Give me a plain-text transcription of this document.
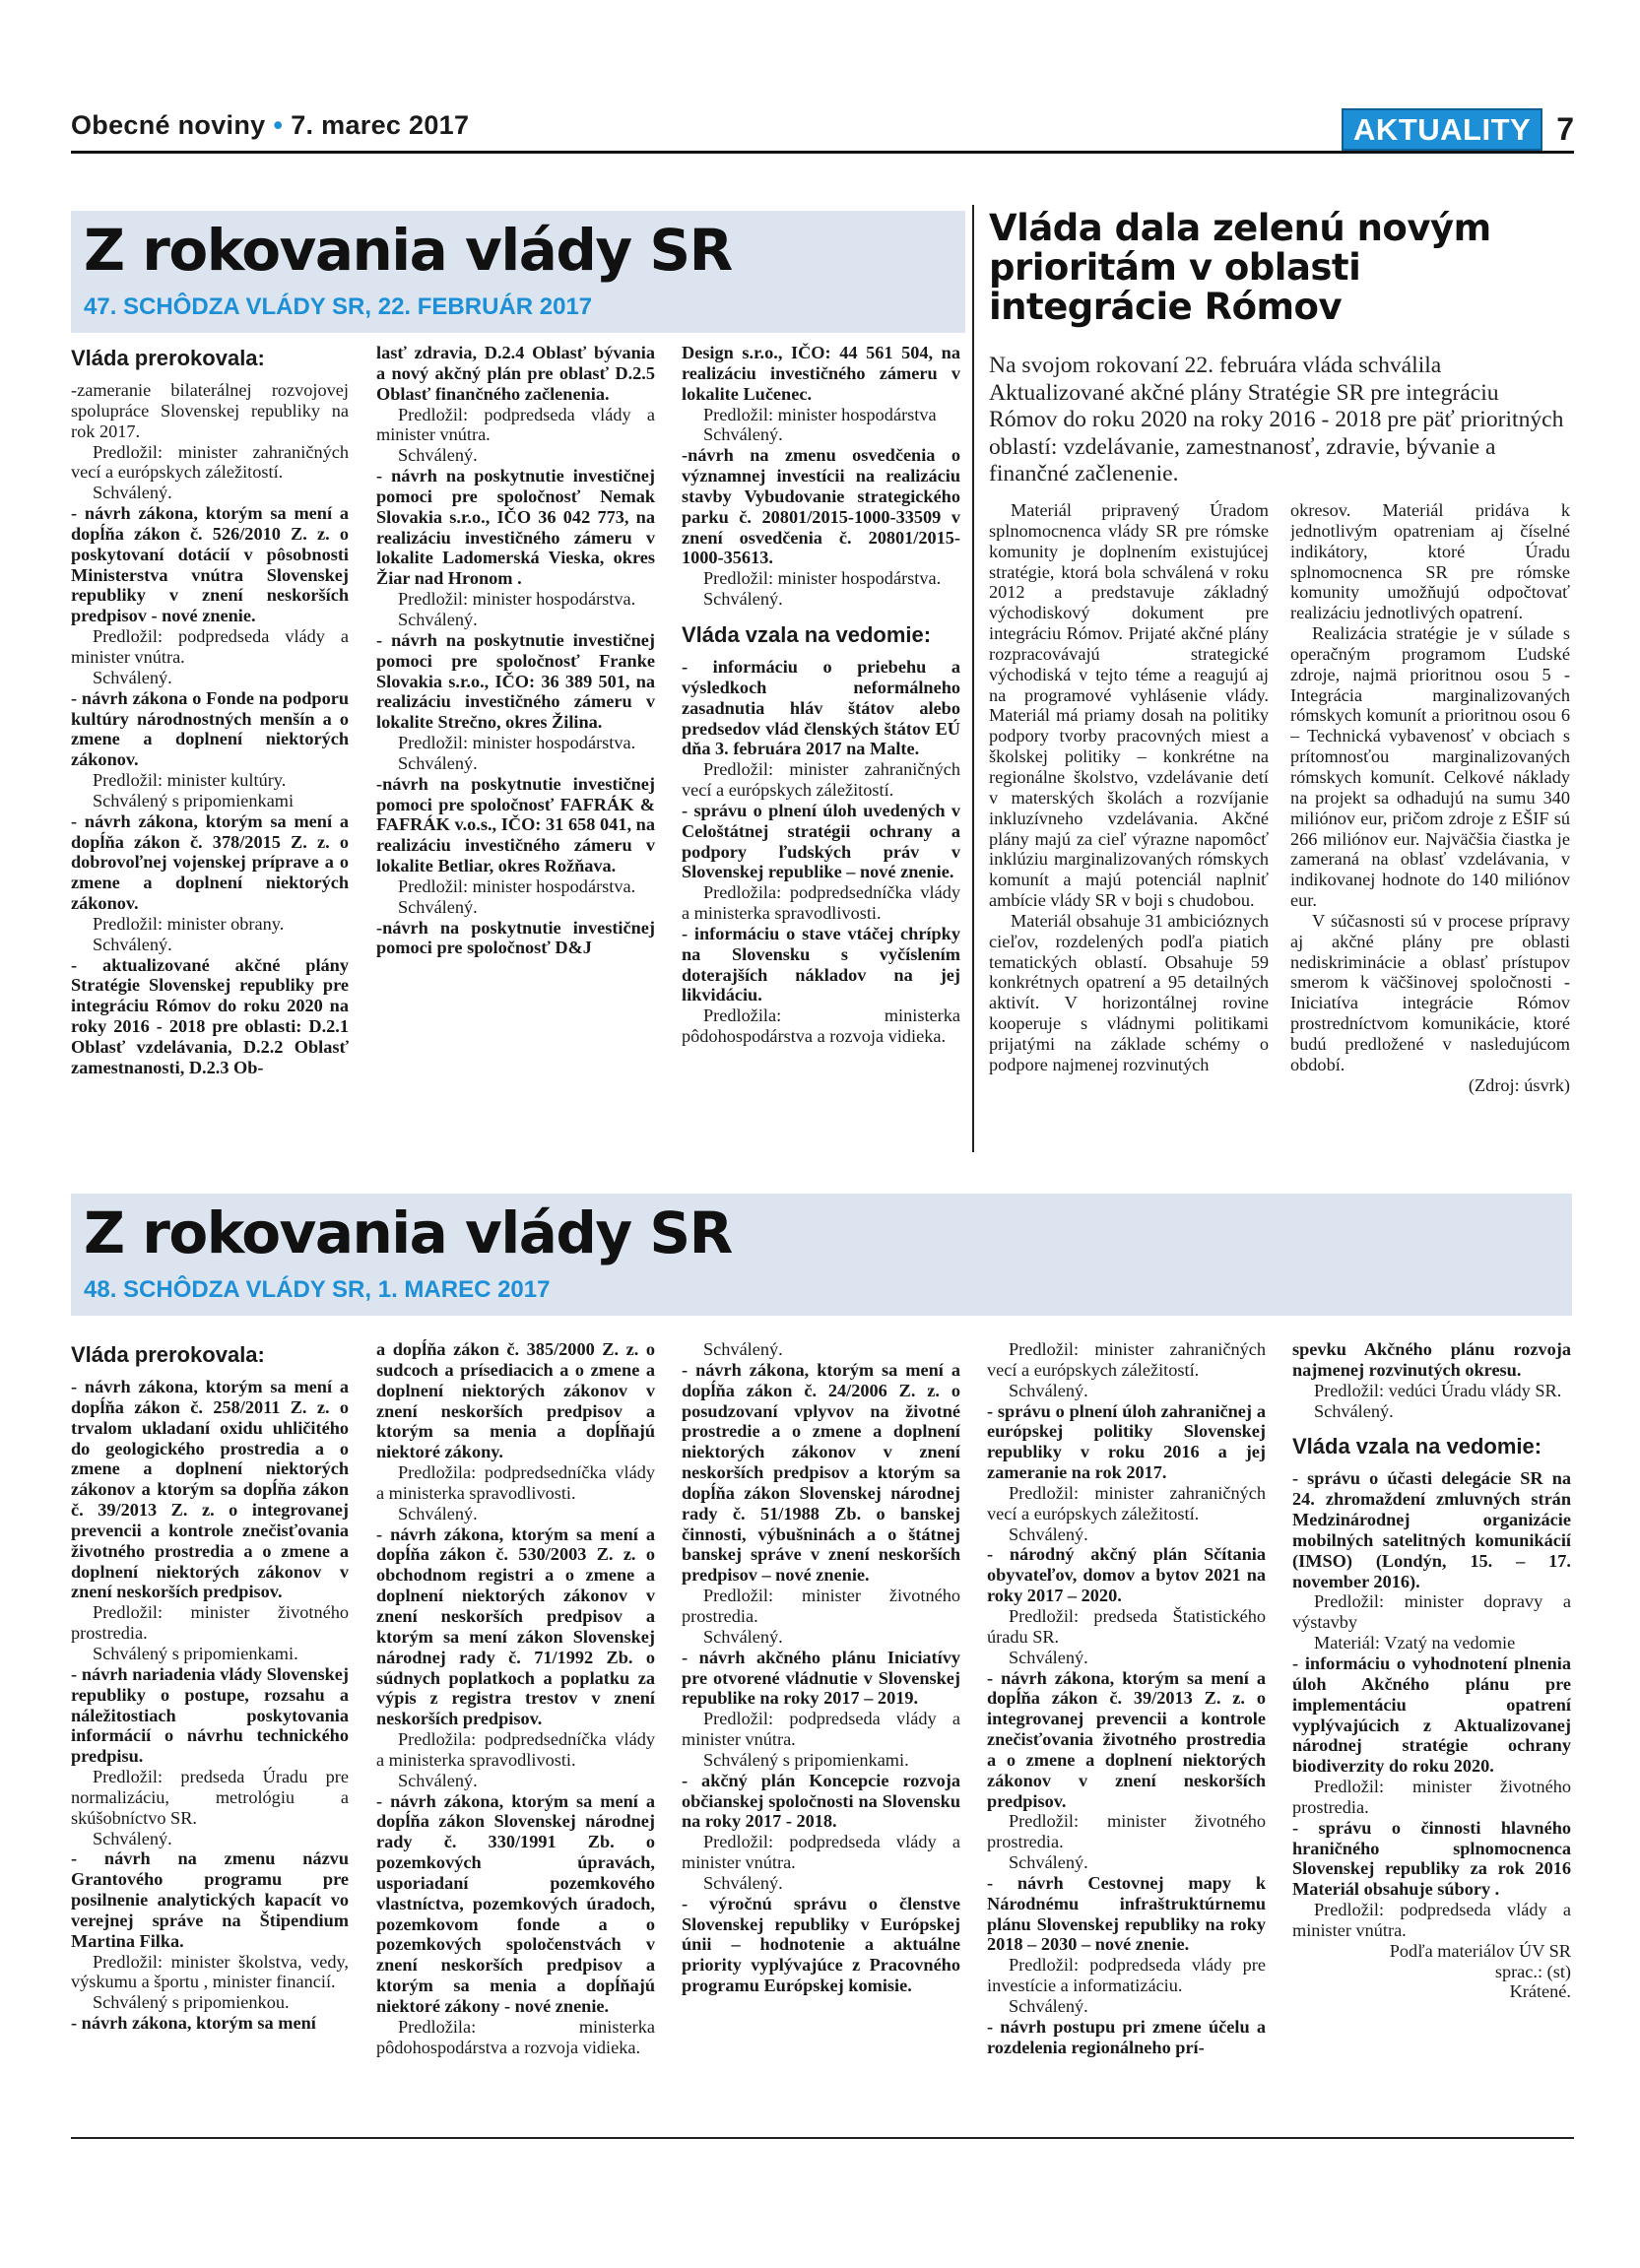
Obecné noviny • 7. marec 2017	AKTUALITY 7
Z rokovania vlády SR
47. SCHÔDZA VLÁDY SR, 22. FEBRUÁR 2017
Vláda prerokovala:

-zameranie bilaterálnej rozvojovej spolupráce Slovenskej republiky na rok 2017.

Predložil: minister zahraničných vecí a európskych záležitostí.

Schválený.

- návrh zákona, ktorým sa mení a dopĺňa zákon č. 526/2010 Z. z. o poskytovaní dotácií v pôsobnosti Ministerstva vnútra Slovenskej republiky v znení neskorších predpisov - nové znenie.

Predložil: podpredseda vlády a minister vnútra.

Schválený.

- návrh zákona o Fonde na podporu kultúry národnostných menšín a o zmene a doplnení niektorých zákonov.

Predložil: minister kultúry.

Schválený s pripomienkami

- návrh zákona, ktorým sa mení a dopĺňa zákon č. 378/2015 Z. z. o dobrovoľnej vojenskej príprave a o zmene a doplnení niektorých zákonov.

Predložil: minister obrany.

Schválený.

- aktualizované akčné plány Stratégie Slovenskej republiky pre integráciu Rómov do roku 2020 na roky 2016 - 2018 pre oblasti: D.2.1 Oblasť vzdelávania, D.2.2 Oblasť zamestnanosti, D.2.3 Ob-

lasť zdravia, D.2.4 Oblasť bývania a nový akčný plán pre oblasť D.2.5 Oblasť finančného začlenenia.

Predložil: podpredseda vlády a minister vnútra.

Schválený.

- návrh na poskytnutie investičnej pomoci pre spoločnosť Nemak Slovakia s.r.o., IČO 36 042 773, na realizáciu investičného zámeru v lokalite Ladomerská Vieska, okres Žiar nad Hronom .

Predložil: minister hospodárstva.

Schválený.

- návrh na poskytnutie investičnej pomoci pre spoločnosť Franke Slovakia s.r.o., IČO: 36 389 501, na realizáciu investičného zámeru v lokalite Strečno, okres Žilina.

Predložil: minister hospodárstva.

Schválený.

-návrh na poskytnutie investičnej pomoci pre spoločnosť FAFRÁK & FAFRÁK v.o.s., IČO: 31 658 041, na realizáciu investičného zámeru v lokalite Betliar, okres Rožňava.

Predložil: minister hospodárstva.

Schválený.

-návrh na poskytnutie investičnej pomoci pre spoločnosť D&J

Design s.r.o., IČO: 44 561 504, na realizáciu investičného zámeru v lokalite Lučenec.

Predložil: minister hospodárstva

Schválený.

-návrh na zmenu osvedčenia o významnej investícii na realizáciu stavby Vybudovanie strategického parku č. 20801/2015-1000-33509 v znení osvedčenia č. 20801/2015-1000-35613.

Predložil: minister hospodárstva.

Schválený.

Vláda vzala na vedomie:

- informáciu o priebehu a výsledkoch neformálneho zasadnutia hláv štátov alebo predsedov vlád členských štátov EÚ dňa 3. februára 2017 na Malte.

Predložil: minister zahraničných vecí a európskych záležitostí.

- správu o plnení úloh uvedených v Celoštátnej stratégii ochrany a podpory ľudských práv v Slovenskej republike – nové znenie.

Predložila: podpredsedníčka vlády a ministerka spravodlivosti.

- informáciu o stave vtáčej chrípky na Slovensku s vyčíslením doterajších nákladov na jej likvidáciu.

Predložila: ministerka pôdohospodárstva a rozvoja vidieka.

Vláda dala zelenú novým prioritám v oblasti integrácie Rómov
Na svojom rokovaní 22. februára vláda schválila Aktualizované akčné plány Stratégie SR pre integráciu Rómov do roku 2020 na roky 2016 - 2018 pre päť prioritných oblastí: vzdelávanie, zamestnanosť, zdravie, bývanie a finančné začlenenie.

Materiál pripravený Úradom splnomocnenca vlády SR pre rómske komunity je doplnením existujúcej stratégie, ktorá bola schválená v roku 2012 a predstavuje základný východiskový dokument pre integráciu Rómov. Prijaté akčné plány rozpracovávajú strategické východiská v tejto téme a reagujú aj na programové vyhlásenie vlády. Materiál má priamy dosah na politiky podpory tvorby pracovných miest a školskej politiky – konkrétne na regionálne školstvo, vzdelávanie detí v materských školách a rozvíjanie inkluzívneho vzdelávania. Akčné plány majú za cieľ výrazne napomôcť inklúziu marginalizovaných rómskych komunít a majú potenciál naplniť ambície vlády SR v boji s chudobou.

Materiál obsahuje 31 ambicióznych cieľov, rozdelených podľa piatich tematických oblastí. Obsahuje 59 konkrétnych opatrení a 95 detailných aktivít. V horizontálnej rovine kooperuje s vládnymi politikami prijatými na základe schémy o podpore najmenej rozvinutých

okresov. Materiál pridáva k jednotlivým opatreniam aj číselné indikátory, ktoré Úradu splnomocnenca SR pre rómske komunity umožňujú odpočtovať realizáciu jednotlivých opatrení.

Realizácia stratégie je v súlade s operačným programom Ľudské zdroje, najmä prioritnou osou 5 - Integrácia marginalizovaných rómskych komunít a prioritnou osou 6 – Technická vybavenosť v obciach s prítomnosťou marginalizovaných rómskych komunít. Celkové náklady na projekt sa odhadujú na sumu 340 miliónov eur, pričom zdroje z EŠIF sú 266 miliónov eur. Najväčšia čiastka je zameraná na oblasť vzdelávania, v indikovanej hodnote do 140 miliónov eur.

V súčasnosti sú v procese prípravy aj akčné plány pre oblasti nediskriminácie a oblasť prístupov smerom k väčšinovej spoločnosti - Iniciatíva integrácie Rómov prostredníctvom komunikácie, ktoré budú predložené v nasledujúcom období.

(Zdroj: úsvrk)

Z rokovania vlády SR
48. SCHÔDZA VLÁDY SR, 1. MAREC 2017
Vláda prerokovala:

- návrh zákona, ktorým sa mení a dopĺňa zákon č. 258/2011 Z. z. o trvalom ukladaní oxidu uhličitého do geologického prostredia a o zmene a doplnení niektorých zákonov a ktorým sa dopĺňa zákon č. 39/2013 Z. z. o integrovanej prevencii a kontrole znečisťovania životného prostredia a o zmene a doplnení niektorých zákonov v znení neskorších predpisov.

Predložil: minister životného prostredia.

Schválený s pripomienkami.

- návrh nariadenia vlády Slovenskej republiky o postupe, rozsahu a náležitostiach poskytovania informácií o návrhu technického predpisu.

Predložil: predseda Úradu pre normalizáciu, metrológiu a skúšobníctvo SR.

Schválený.

- návrh na zmenu názvu Grantového programu pre posilnenie analytických kapacít vo verejnej správe na Štipendium Martina Filka.

Predložil: minister školstva, vedy, výskumu a športu , minister financií.

Schválený s pripomienkou.

- návrh zákona, ktorým sa mení

a dopĺňa zákon č. 385/2000 Z. z. o sudcoch a prísediacich a o zmene a doplnení niektorých zákonov v znení neskorších predpisov a ktorým sa menia a dopĺňajú niektoré zákony.

Predložila: podpredsedníčka vlády a ministerka spravodlivosti.

Schválený.

- návrh zákona, ktorým sa mení a dopĺňa zákon č. 530/2003 Z. z. o obchodnom registri a o zmene a doplnení niektorých zákonov v znení neskorších predpisov a ktorým sa mení zákon Slovenskej národnej rady č. 71/1992 Zb. o súdnych poplatkoch a poplatku za výpis z registra trestov v znení neskorších predpisov.

Predložila: podpredsedníčka vlády a ministerka spravodlivosti.

Schválený.

- návrh zákona, ktorým sa mení a dopĺňa zákon Slovenskej národnej rady č. 330/1991 Zb. o pozemkových úpravách, usporiadaní pozemkového vlastníctva, pozemkových úradoch, pozemkovom fonde a o pozemkových spoločenstvách v znení neskorších predpisov a ktorým sa menia a dopĺňajú niektoré zákony - nové znenie.

Predložila: ministerka pôdohospodárstva a rozvoja vidieka.

Schválený.

- návrh zákona, ktorým sa mení a dopĺňa zákon č. 24/2006 Z. z. o posudzovaní vplyvov na životné prostredie a o zmene a doplnení niektorých zákonov v znení neskorších predpisov a ktorým sa dopĺňa zákon Slovenskej národnej rady č. 51/1988 Zb. o banskej činnosti, výbušninách a o štátnej banskej správe v znení neskorších predpisov – nové znenie.

Predložil: minister životného prostredia.

Schválený.

- návrh akčného plánu Iniciatívy pre otvorené vládnutie v Slovenskej republike na roky 2017 – 2019.

Predložil: podpredseda vlády a minister vnútra.

Schválený s pripomienkami.

- akčný plán Koncepcie rozvoja občianskej spoločnosti na Slovensku na roky 2017 - 2018.

Predložil: podpredseda vlády a minister vnútra.

Schválený.

- výročnú správu o členstve Slovenskej republiky v Európskej únii – hodnotenie a aktuálne priority vyplývajúce z Pracovného programu Európskej komisie.

Predložil: minister zahraničných vecí a európskych záležitostí.

Schválený.

- správu o plnení úloh zahraničnej a európskej politiky Slovenskej republiky v roku 2016 a jej zameranie na rok 2017.

Predložil: minister zahraničných vecí a európskych záležitostí.

Schválený.

- národný akčný plán Sčítania obyvateľov, domov a bytov 2021 na roky 2017 – 2020.

Predložil: predseda Štatistického úradu SR.

Schválený.

- návrh zákona, ktorým sa mení a dopĺňa zákon č. 39/2013 Z. z. o integrovanej prevencii a kontrole znečisťovania životného prostredia a o zmene a doplnení niektorých zákonov v znení neskorších predpisov.

Predložil: minister životného prostredia.

Schválený.

- návrh Cestovnej mapy k Národnému infraštruktúrnemu plánu Slovenskej republiky na roky 2018 – 2030 – nové znenie.

Predložil: podpredseda vlády pre investície a informatizáciu.

Schválený.

- návrh postupu pri zmene účelu a rozdelenia regionálneho prí-

spevku Akčného plánu rozvoja najmenej rozvinutých okresu.

Predložil: vedúci Úradu vlády SR.

Schválený.

Vláda vzala na vedomie:

- správu o účasti delegácie SR na 24. zhromaždení zmluvných strán Medzinárodnej organizácie mobilných satelitných komunikácií (IMSO) (Londýn, 15. – 17. november 2016).

Predložil: minister dopravy a výstavby

Materiál: Vzatý na vedomie

- informáciu o vyhodnotení plnenia úloh Akčného plánu pre implementáciu opatrení vyplývajúcich z Aktualizovanej národnej stratégie ochrany biodiverzity do roku 2020.

Predložil: minister životného prostredia.

- správu o činnosti hlavného hraničného splnomocnenca Slovenskej republiky za rok 2016 Materiál obsahuje súbory .

Predložil: podpredseda vlády a minister vnútra.

Podľa materiálov ÚV SR

sprac.: (st)

Krátené.
